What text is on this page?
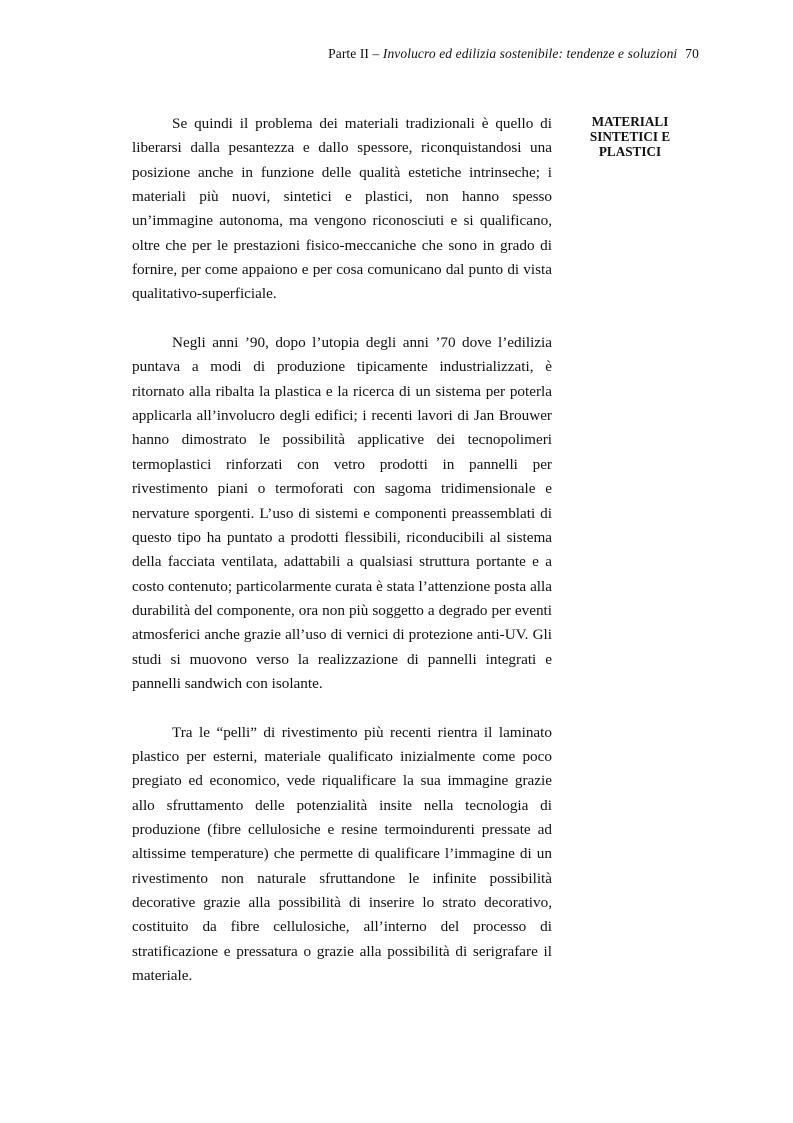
Parte II – Involucro ed edilizia sostenibile: tendenze e soluzioni 70
MATERIALI
SINTETICI E
PLASTICI

Se quindi il problema dei materiali tradizionali è quello di liberarsi dalla pesantezza e dallo spessore, riconquistandosi una posizione anche in funzione delle qualità estetiche intrinseche; i materiali più nuovi, sintetici e plastici, non hanno spesso un’immagine autonoma, ma vengono riconosciuti e si qualificano, oltre che per le prestazioni fisico-meccaniche che sono in grado di fornire, per come appaiono e per cosa comunicano dal punto di vista qualitativo-superficiale.

Negli anni ’90, dopo l’utopia degli anni ’70 dove l’edilizia puntava a modi di produzione tipicamente industrializzati, è ritornato alla ribalta la plastica e la ricerca di un sistema per poterla applicarla all’involucro degli edifici; i recenti lavori di Jan Brouwer hanno dimostrato le possibilità applicative dei tecnopolimeri termoplastici rinforzati con vetro prodotti in pannelli per rivestimento piani o termoforati con sagoma tridimensionale e nervature sporgenti. L’uso di sistemi e componenti preassemblati di questo tipo ha puntato a prodotti flessibili, riconducibili al sistema della facciata ventilata, adattabili a qualsiasi struttura portante e a costo contenuto; particolarmente curata è stata l’attenzione posta alla durabilità del componente, ora non più soggetto a degrado per eventi atmosferici anche grazie all’uso di vernici di protezione anti-UV. Gli studi si muovono verso la realizzazione di pannelli integrati e pannelli sandwich con isolante.

Tra le “pelli” di rivestimento più recenti rientra il laminato plastico per esterni, materiale qualificato inizialmente come poco pregiato ed economico, vede riqualificare la sua immagine grazie allo sfruttamento delle potenzialità insite nella tecnologia di produzione (fibre cellulosiche e resine termoindurenti pressate ad altissime temperature) che permette di qualificare l’immagine di un rivestimento non naturale sfruttandone le infinite possibilità decorative grazie alla possibilità di inserire lo strato decorativo, costituito da fibre cellulosiche, all’interno del processo di stratificazione e pressatura o grazie alla possibilità di serigrafare il materiale.
